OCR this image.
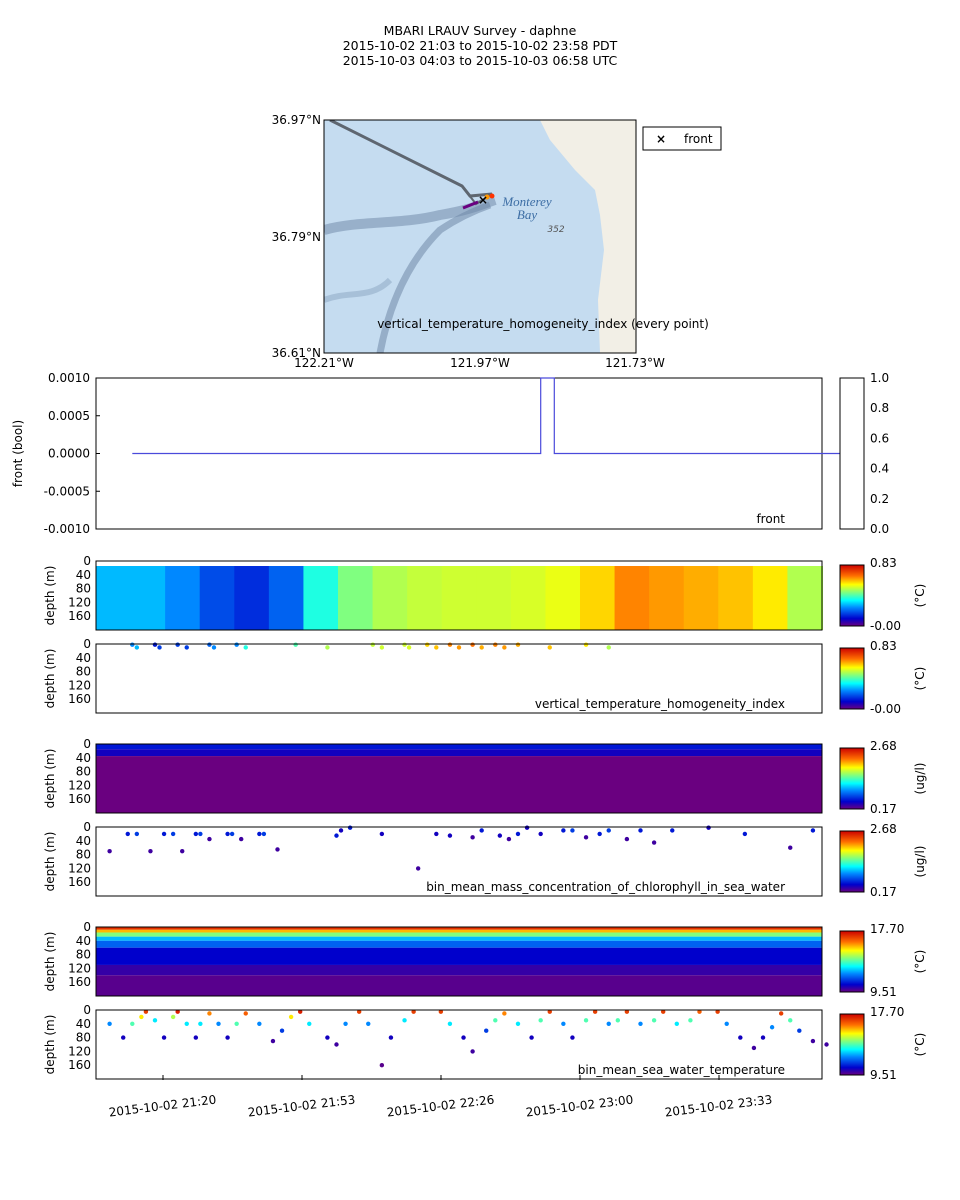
MBARI LRAUV Survey - daphne
2015-10-02 21:03 to 2015-10-02 23:58 PDT
2015-10-03 04:03 to 2015-10-03 06:58 UTC
× Monterey
Bay
352
vertical_temperature_homogeneity_index (every point)
36.97°N
36.79°N
36.61°N
122.21°W	121.97°W	121.73°W
× front
0.0010
0.0005
0.0000
-0.0005
-0.0010
front (bool)
front
1.0
0.8
0.6
0.4
0.2
0.0
0
40
80
120
160
depth (m)
0.83
-0.00
(°C)
vertical_temperature_homogeneity_index
0
40
80
120
160
depth (m)
0.83
-0.00
(°C)
0
40
80
120
160
depth (m)
2.68
0.17
(ug/l)
bin_mean_mass_concentration_of_chlorophyll_in_sea_water
0
40
80
120
160
depth (m)
2.68
0.17
(ug/l)
0
40
80
120
160
depth (m)
17.70
9.51
(°C)
bin_mean_sea_water_temperature
0
40
80
120
160
depth (m)
17.70
9.51
(°C)
2015-10-02 21:20 2015-10-02 21:53 2015-10-02 22:26 2015-10-02 23:00 2015-10-02 23:33
